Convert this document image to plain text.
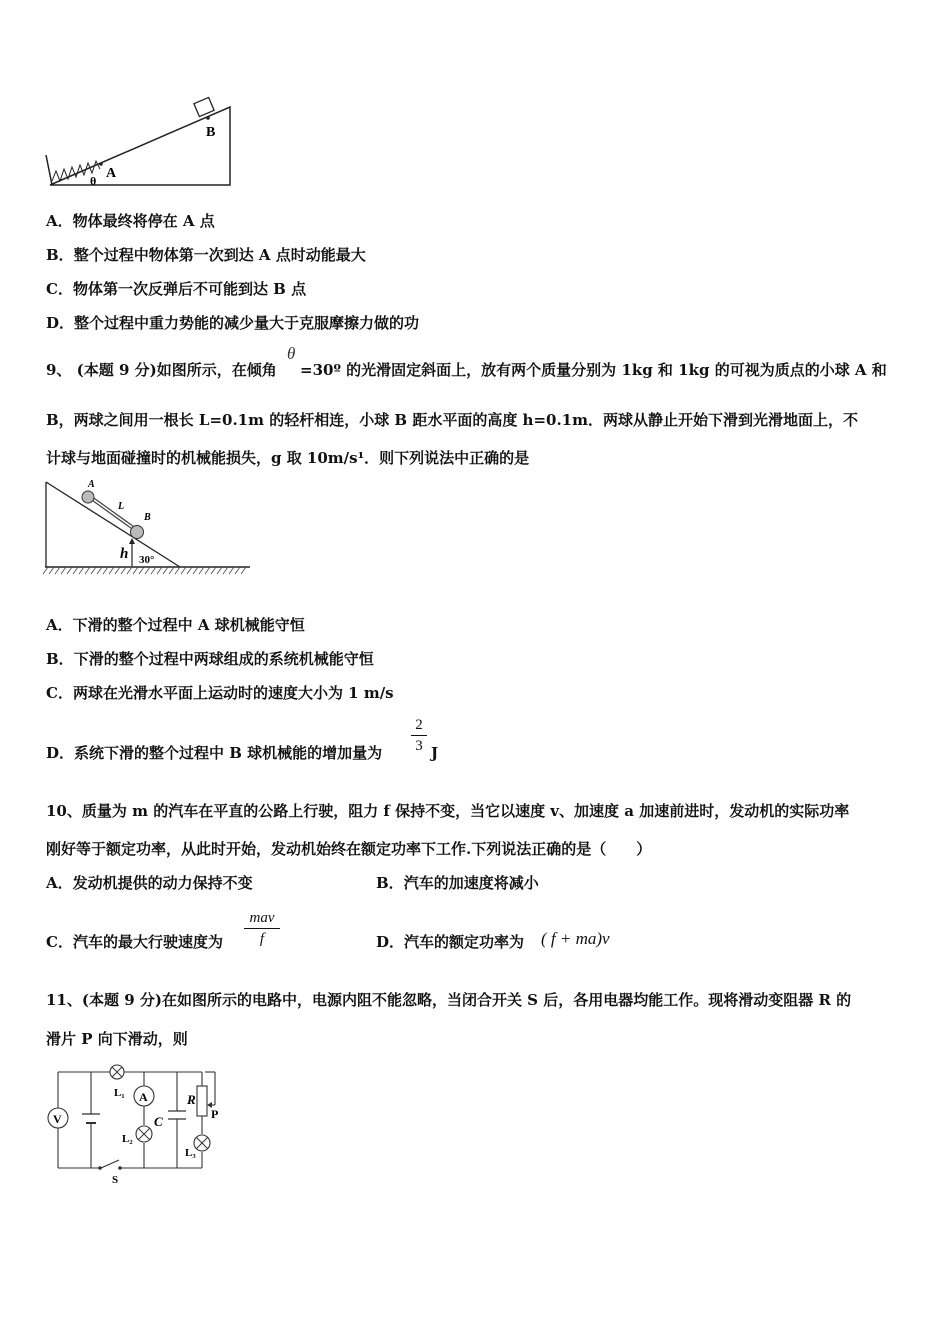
A
B
θ
A．物体最终将停在 A 点
B．整个过程中物体第一次到达 A 点时动能最大
C．物体第一次反弹后不可能到达 B 点
D．整个过程中重力势能的减少量大于克服摩擦力做的功
9、 (本题 9 分)如图所示，在倾角
θ
=30º 的光滑固定斜面上，放有两个质量分别为 1kg 和 1kg 的可视为质点的小球 A 和
B，两球之间用一根长 L=0.1m 的轻杆相连，小球 B 距水平面的高度 h=0.1m．两球从静止开始下滑到光滑地面上，不
计球与地面碰撞时的机械能损失，g 取 10m/s¹．则下列说法中正确的是
A
L
B
h 30°
A．下滑的整个过程中 A 球机械能守恒
B．下滑的整个过程中两球组成的系统机械能守恒
C．两球在光滑水平面上运动时的速度大小为 1 m/s
D．系统下滑的整个过程中 B 球机械能的增加量为
2
3 J
10、质量为 m 的汽车在平直的公路上行驶，阻力 f 保持不变，当它以速度 v、加速度 a 加速前进时，发动机的实际功率
刚好等于额定功率，从此时开始，发动机始终在额定功率下工作.下列说法正确的是（　　）
A．发动机提供的动力保持不变	B．汽车的加速度将减小
C．汽车的最大行驶速度为
mav
f	D．汽车的额定功率为 ( f + ma)v
11、(本题 9 分)在如图所示的电路中，电源内阻不能忽略，当闭合开关 S 后，各用电器均能工作。现将滑动变阻器 R 的
滑片 P 向下滑动，则
V
L₁ A
L₂
C
R
P
L₃
S
